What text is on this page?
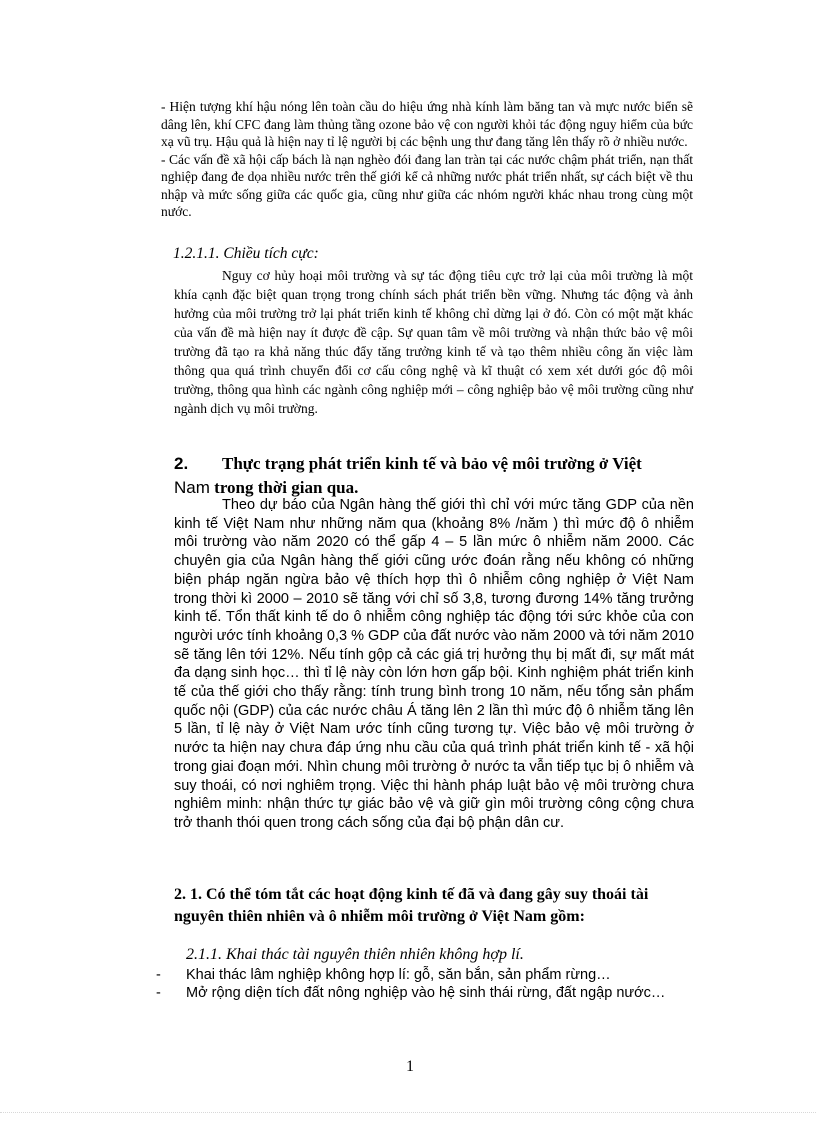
- Hiện tượng khí hậu nóng lên toàn cầu do hiệu ứng nhà kính làm băng tan và mực nước biển sẽ dâng lên, khí CFC đang làm thủng tầng ozone bảo vệ con người khỏi tác động nguy hiểm của bức xạ vũ trụ. Hậu quả là hiện nay tỉ lệ người bị các bệnh ung thư đang tăng lên thấy rõ ở nhiều nước.

- Các vấn đề xã hội cấp bách là nạn nghèo đói đang lan tràn tại các nước chậm phát triển, nạn thất nghiệp đang đe dọa nhiều nước trên thế giới kể cả những nước phát triển nhất, sự cách biệt về thu nhập và mức sống giữa các quốc gia, cũng như giữa các nhóm người khác nhau trong cùng một nước.

1.2.1.1. Chiều tích cực:

Nguy cơ hủy hoại môi trường và sự tác động tiêu cực trở lại của môi trường là một khía cạnh đặc biệt quan trọng trong chính sách phát triển bền vững. Nhưng tác động và ảnh hưởng của môi trường trở lại phát triển kinh tế không chỉ dừng lại ở đó. Còn có một mặt khác của vấn đề mà hiện nay ít được đề cập. Sự quan tâm về môi trường và nhận thức bảo vệ môi trường đã tạo ra khả năng thúc đẩy tăng trưởng kinh tế và tạo thêm nhiều công ăn việc làm thông qua quá trình chuyển đổi cơ cấu công nghệ và kĩ thuật có xem xét dưới góc độ môi trường, thông qua hình các ngành công nghiệp mới – công nghiệp bảo vệ môi trường cũng như ngành dịch vụ môi trường.

2. Thực trạng phát triển kinh tế và bảo vệ môi trường ở Việt
Nam trong thời gian qua.

Theo dự báo của Ngân hàng thế giới thì chỉ với mức tăng GDP của nền kinh tế Việt Nam như những năm qua (khoảng 8% /năm ) thì mức độ ô nhiễm môi trường vào năm 2020 có thể gấp 4 – 5 lần mức ô nhiễm năm 2000. Các chuyên gia của Ngân hàng thế giới cũng ước đoán rằng nếu không có những biện pháp ngăn ngừa bảo vệ thích hợp thì ô nhiễm công nghiệp ở Việt Nam trong thời kì 2000 – 2010 sẽ tăng với chỉ số 3,8, tương đương 14% tăng trưởng kinh tế. Tổn thất kinh tế do ô nhiễm công nghiệp tác động tới sức khỏe của con người ước tính khoảng 0,3 % GDP của đất nước vào năm 2000 và tới năm 2010 sẽ tăng lên tới 12%. Nếu tính gộp cả các giá trị hưởng thụ bị mất đi, sự mất mát đa dạng sinh học… thì tỉ lệ này còn lớn hơn gấp bội. Kinh nghiệm phát triển kinh tế của thế giới cho thấy rằng: tính trung bình trong 10 năm, nếu tổng sản phẩm quốc nội (GDP) của các nước châu Á tăng lên 2 lần thì mức độ ô nhiễm tăng lên 5 lần, tỉ lệ này ở Việt Nam ước tính cũng tương tự. Việc bảo vệ môi trường ở nước ta hiện nay chưa đáp ứng nhu cầu của quá trình phát triển kinh tế - xã hội trong giai đoạn mới. Nhìn chung môi trường ở nước ta vẫn tiếp tục bị ô nhiễm và suy thoái, có nơi nghiêm trọng. Việc thi hành pháp luật bảo vệ môi trường chưa nghiêm minh: nhận thức tự giác bảo vệ và giữ gìn môi trường công cộng chưa trở thanh thói quen trong cách sống của đại bộ phận dân cư.

2. 1. Có thể tóm tắt các hoạt động kinh tế đã và đang gây suy thoái tài nguyên thiên nhiên và ô nhiễm môi trường ở Việt Nam gồm:
2.1.1. Khai thác tài nguyên thiên nhiên không hợp lí.
- Khai thác lâm nghiệp không hợp lí: gỗ, săn bắn, sản phẩm rừng…
- Mở rộng diện tích đất nông nghiệp vào hệ sinh thái rừng, đất ngập nước…
1
